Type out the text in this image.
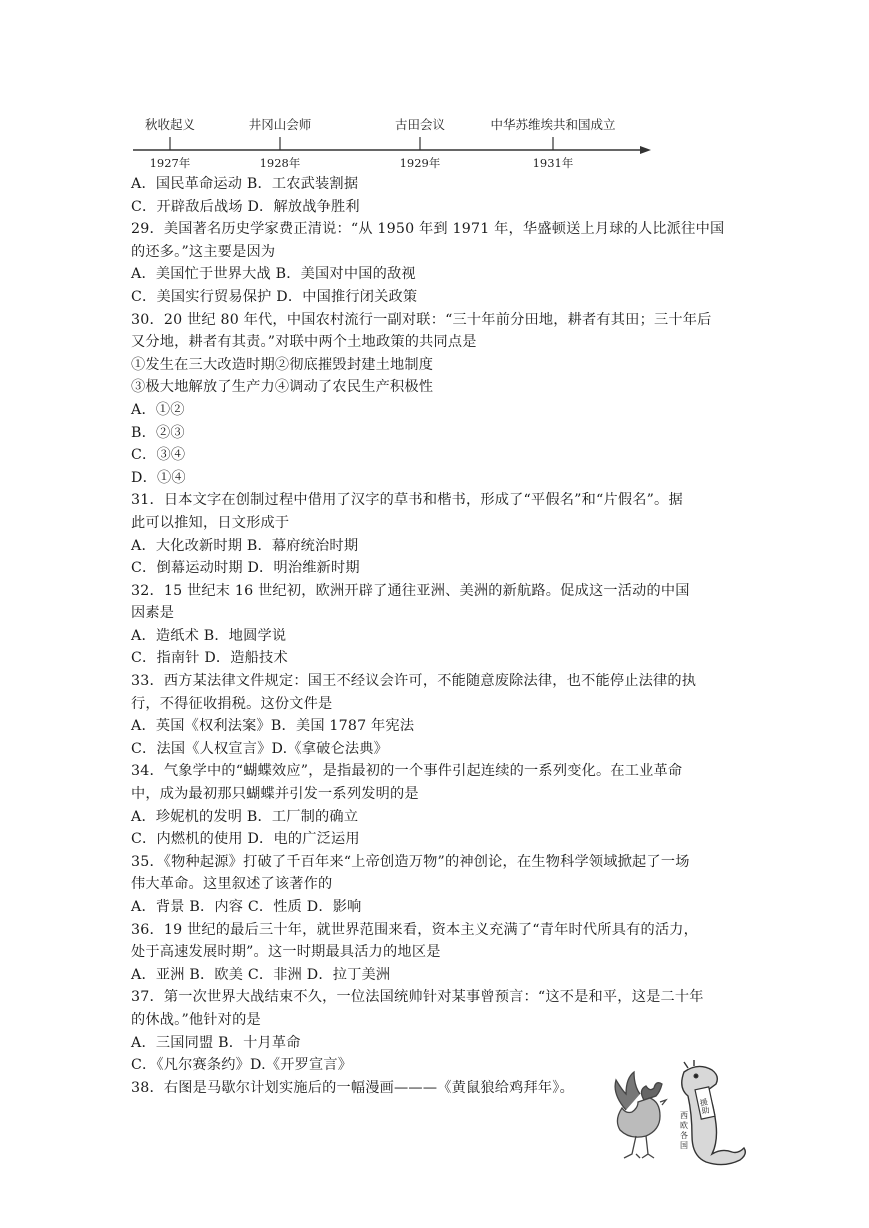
秋收起义
1927年
井冈山会师
1928年
古田会议
1929年
中华苏维埃共和国成立
1931年
A．国民革命运动 B．工农武装割据
C．开辟敌后战场 D．解放战争胜利
29．美国著名历史学家费正清说：“从 1950 年到 1971 年，华盛顿送上月球的人比派往中国
的还多。”这主要是因为
A．美国忙于世界大战 B．美国对中国的敌视
C．美国实行贸易保护 D．中国推行闭关政策
30．20 世纪 80 年代，中国农村流行一副对联：“三十年前分田地，耕者有其田；三十年后
又分地，耕者有其责。”对联中两个土地政策的共同点是
①发生在三大改造时期②彻底摧毁封建土地制度
③极大地解放了生产力④调动了农民生产积极性
A．①②
B．②③
C．③④
D．①④
31．日本文字在创制过程中借用了汉字的草书和楷书，形成了“平假名”和“片假名”。据
此可以推知，日文形成于
A．大化改新时期 B．幕府统治时期
C．倒幕运动时期 D．明治维新时期
32．15 世纪末 16 世纪初，欧洲开辟了通往亚洲、美洲的新航路。促成这一活动的中国
因素是
A．造纸术 B．地圆学说
C．指南针 D．造船技术
33．西方某法律文件规定：国王不经议会许可，不能随意废除法律，也不能停止法律的执
行，不得征收捐税。这份文件是
A．英国《权利法案》B．美国 1787 年宪法
C．法国《人权宣言》D.《拿破仑法典》
34．气象学中的“蝴蝶效应”，是指最初的一个事件引起连续的一系列变化。在工业革命
中，成为最初那只蝴蝶并引发一系列发明的是
A．珍妮机的发明 B．工厂制的确立
C．内燃机的使用 D．电的广泛运用
35．《物种起源》打破了千百年来“上帝创造万物”的神创论，在生物科学领域掀起了一场
伟大革命。这里叙述了该著作的
A．背景 B．内容 C．性质 D．影响
36．19 世纪的最后三十年，就世界范围来看，资本主义充满了“青年时代所具有的活力，
处于高速发展时期”。这一时期最具活力的地区是
A．亚洲 B．欧美 C．非洲 D．拉丁美洲
37．第一次世界大战结束不久，一位法国统帅针对某事曾预言：“这不是和平，这是二十年
的休战。”他针对的是
A．三国同盟 B．十月革命
C．《凡尔赛条约》D.《开罗宣言》
38．右图是马歇尔计划实施后的一幅漫画———《黄鼠狼给鸡拜年》。
援助
西
欧
各
国
